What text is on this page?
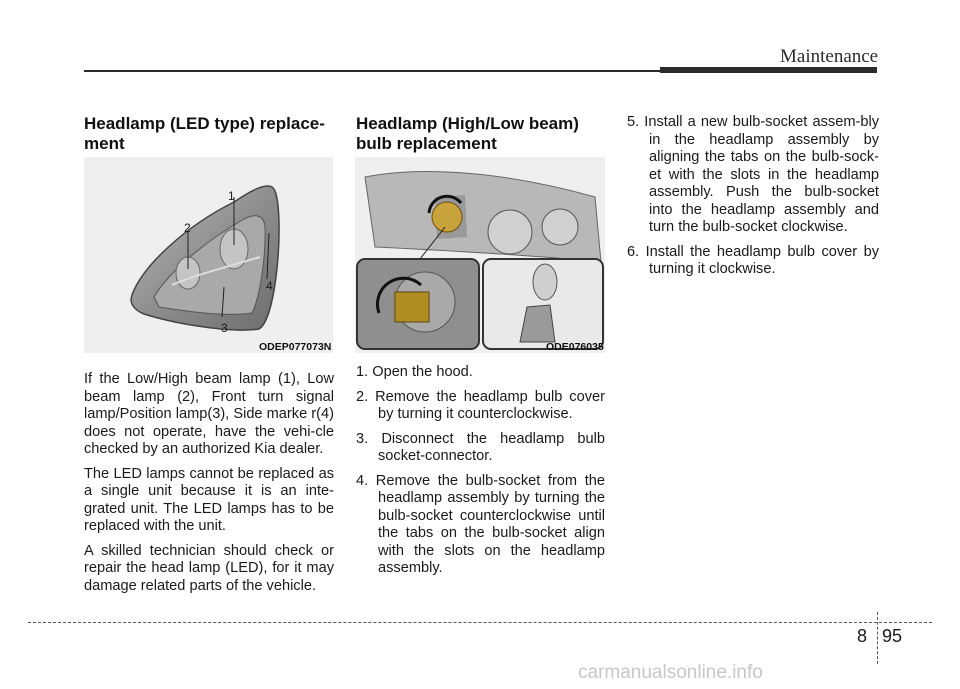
Maintenance
Headlamp (LED type) replace-
ment
1
2
3
4
ODEP077073N

If the Low/High beam lamp (1), Low beam lamp (2), Front turn signal lamp/Position lamp(3), Side marke r(4) does not operate, have the vehi-cle checked by an authorized Kia dealer.

The LED lamps cannot be replaced as a single unit because it is an inte-grated unit. The LED lamps has to be replaced with the unit.

A skilled technician should check or repair the head lamp (LED), for it may damage related parts of the vehicle.

Headlamp (High/Low beam)
bulb replacement
ODE076035
1. Open the hood.
2. Remove the headlamp bulb cover by turning it counterclockwise.
3. Disconnect the headlamp bulb socket-connector.
4. Remove the bulb-socket from the headlamp assembly by turning the bulb-socket counterclockwise until the tabs on the bulb-socket align with the slots on the headlamp assembly.
5. Install a new bulb-socket assem-bly in the headlamp assembly by aligning the tabs on the bulb-sock-et with the slots in the headlamp assembly. Push the bulb-socket into the headlamp assembly and turn the bulb-socket clockwise.
6. Install the headlamp bulb cover by turning it clockwise.
8 95
carmanualsonline.info
